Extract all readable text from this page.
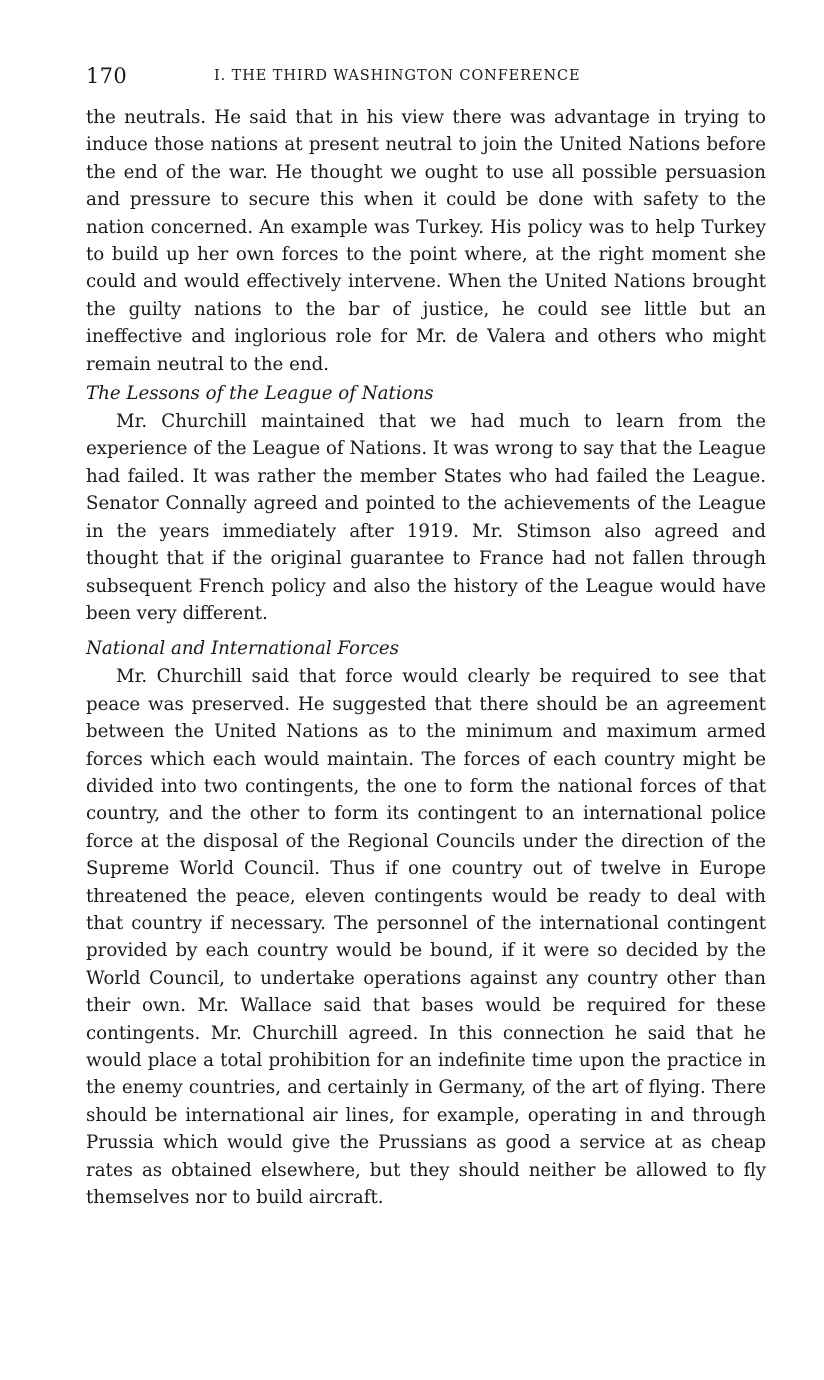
170	I. THE THIRD WASHINGTON CONFERENCE

the neutrals. He said that in his view there was advantage in trying to induce those nations at present neutral to join the United Nations before the end of the war. He thought we ought to use all possible persuasion and pressure to secure this when it could be done with safety to the nation concerned. An example was Turkey. His policy was to help Turkey to build up her own forces to the point where, at the right moment she could and would effectively intervene. When the United Nations brought the guilty nations to the bar of justice, he could see little but an ineffective and inglorious role for Mr. de Valera and others who might remain neutral to the end.

The Lessons of the League of Nations

Mr. Churchill maintained that we had much to learn from the experience of the League of Nations. It was wrong to say that the League had failed. It was rather the member States who had failed the League. Senator Connally agreed and pointed to the achievements of the League in the years immediately after 1919. Mr. Stimson also agreed and thought that if the original guarantee to France had not fallen through subsequent French policy and also the history of the League would have been very different.

National and International Forces

Mr. Churchill said that force would clearly be required to see that peace was preserved. He suggested that there should be an agreement between the United Nations as to the minimum and maximum armed forces which each would maintain. The forces of each country might be divided into two contingents, the one to form the national forces of that country, and the other to form its contingent to an international police force at the disposal of the Regional Councils under the direction of the Supreme World Council. Thus if one country out of twelve in Europe threatened the peace, eleven contingents would be ready to deal with that country if necessary. The personnel of the international contingent provided by each country would be bound, if it were so decided by the World Council, to undertake operations against any country other than their own. Mr. Wallace said that bases would be required for these contingents. Mr. Churchill agreed. In this connection he said that he would place a total prohibition for an indefinite time upon the practice in the enemy countries, and certainly in Germany, of the art of flying. There should be international air lines, for example, operating in and through Prussia which would give the Prussians as good a service at as cheap rates as obtained elsewhere, but they should neither be allowed to fly themselves nor to build aircraft.
